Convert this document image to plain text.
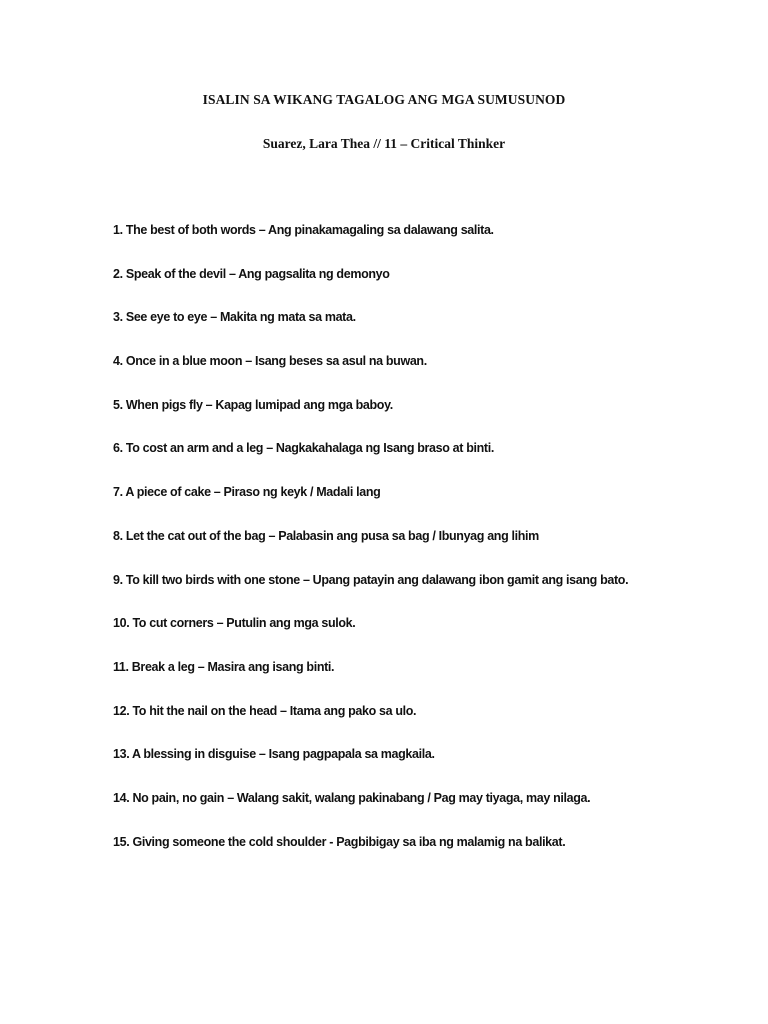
ISALIN SA WIKANG TAGALOG ANG MGA SUMUSUNOD
Suarez, Lara Thea // 11 – Critical Thinker
1. The best of both words – Ang pinakamagaling sa dalawang salita.
2. Speak of the devil – Ang pagsalita ng demonyo
3. See eye to eye – Makita ng mata sa mata.
4. Once in a blue moon – Isang beses sa asul na buwan.
5. When pigs fly – Kapag lumipad ang mga baboy.
6. To cost an arm and a leg – Nagkakahalaga ng Isang braso at binti.
7. A piece of cake – Piraso ng keyk / Madali lang
8. Let the cat out of the bag – Palabasin ang pusa sa bag / Ibunyag ang lihim
9. To kill two birds with one stone – Upang patayin ang dalawang ibon gamit ang isang bato.
10. To cut corners – Putulin ang mga sulok.
11. Break a leg – Masira ang isang binti.
12. To hit the nail on the head – Itama ang pako sa ulo.
13. A blessing in disguise – Isang pagpapala sa magkaila.
14. No pain, no gain – Walang sakit, walang pakinabang / Pag may tiyaga, may nilaga.
15. Giving someone the cold shoulder - Pagbibigay sa iba ng malamig na balikat.
